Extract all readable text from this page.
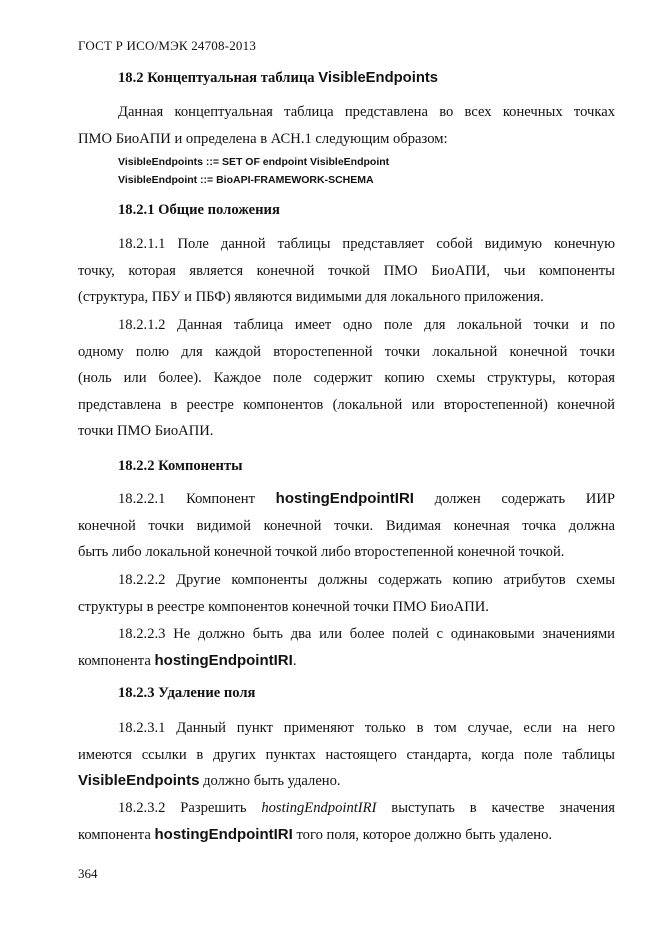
ГОСТ Р ИСО/МЭК 24708-2013
18.2 Концептуальная таблица VisibleEndpoints
Данная концептуальная таблица представлена во всех конечных точках
ПМО БиоАПИ и определена в АСН.1 следующим образом:
VisibleEndpoints ::= SET OF endpoint VisibleEndpoint
VisibleEndpoint ::= BioAPI-FRAMEWORK-SCHEMA
18.2.1 Общие положения
18.2.1.1 Поле данной таблицы представляет собой видимую конечную
точку, которая является конечной точкой ПМО БиоАПИ, чьи компоненты
(структура, ПБУ и ПБФ) являются видимыми для локального приложения.
18.2.1.2 Данная таблица имеет одно поле для локальной точки и по
одному полю для каждой второстепенной точки локальной конечной точки
(ноль или более). Каждое поле содержит копию схемы структуры, которая
представлена в реестре компонентов (локальной или второстепенной) конечной
точки ПМО БиоАПИ.
18.2.2 Компоненты
18.2.2.1 Компонент hostingEndpointIRI должен содержать ИИР
конечной точки видимой конечной точки. Видимая конечная точка должна
быть либо локальной конечной точкой либо второстепенной конечной точкой.
18.2.2.2 Другие компоненты должны содержать копию атрибутов схемы
структуры в реестре компонентов конечной точки ПМО БиоАПИ.
18.2.2.3 Не должно быть два или более полей с одинаковыми значениями
компонента hostingEndpointIRI.
18.2.3 Удаление поля
18.2.3.1 Данный пункт применяют только в том случае, если на него
имеются ссылки в других пунктах настоящего стандарта, когда поле таблицы
VisibleEndpoints должно быть удалено.
18.2.3.2 Разрешить hostingEndpointIRI выступать в качестве значения
компонента hostingEndpointIRI того поля, которое должно быть удалено.
364
